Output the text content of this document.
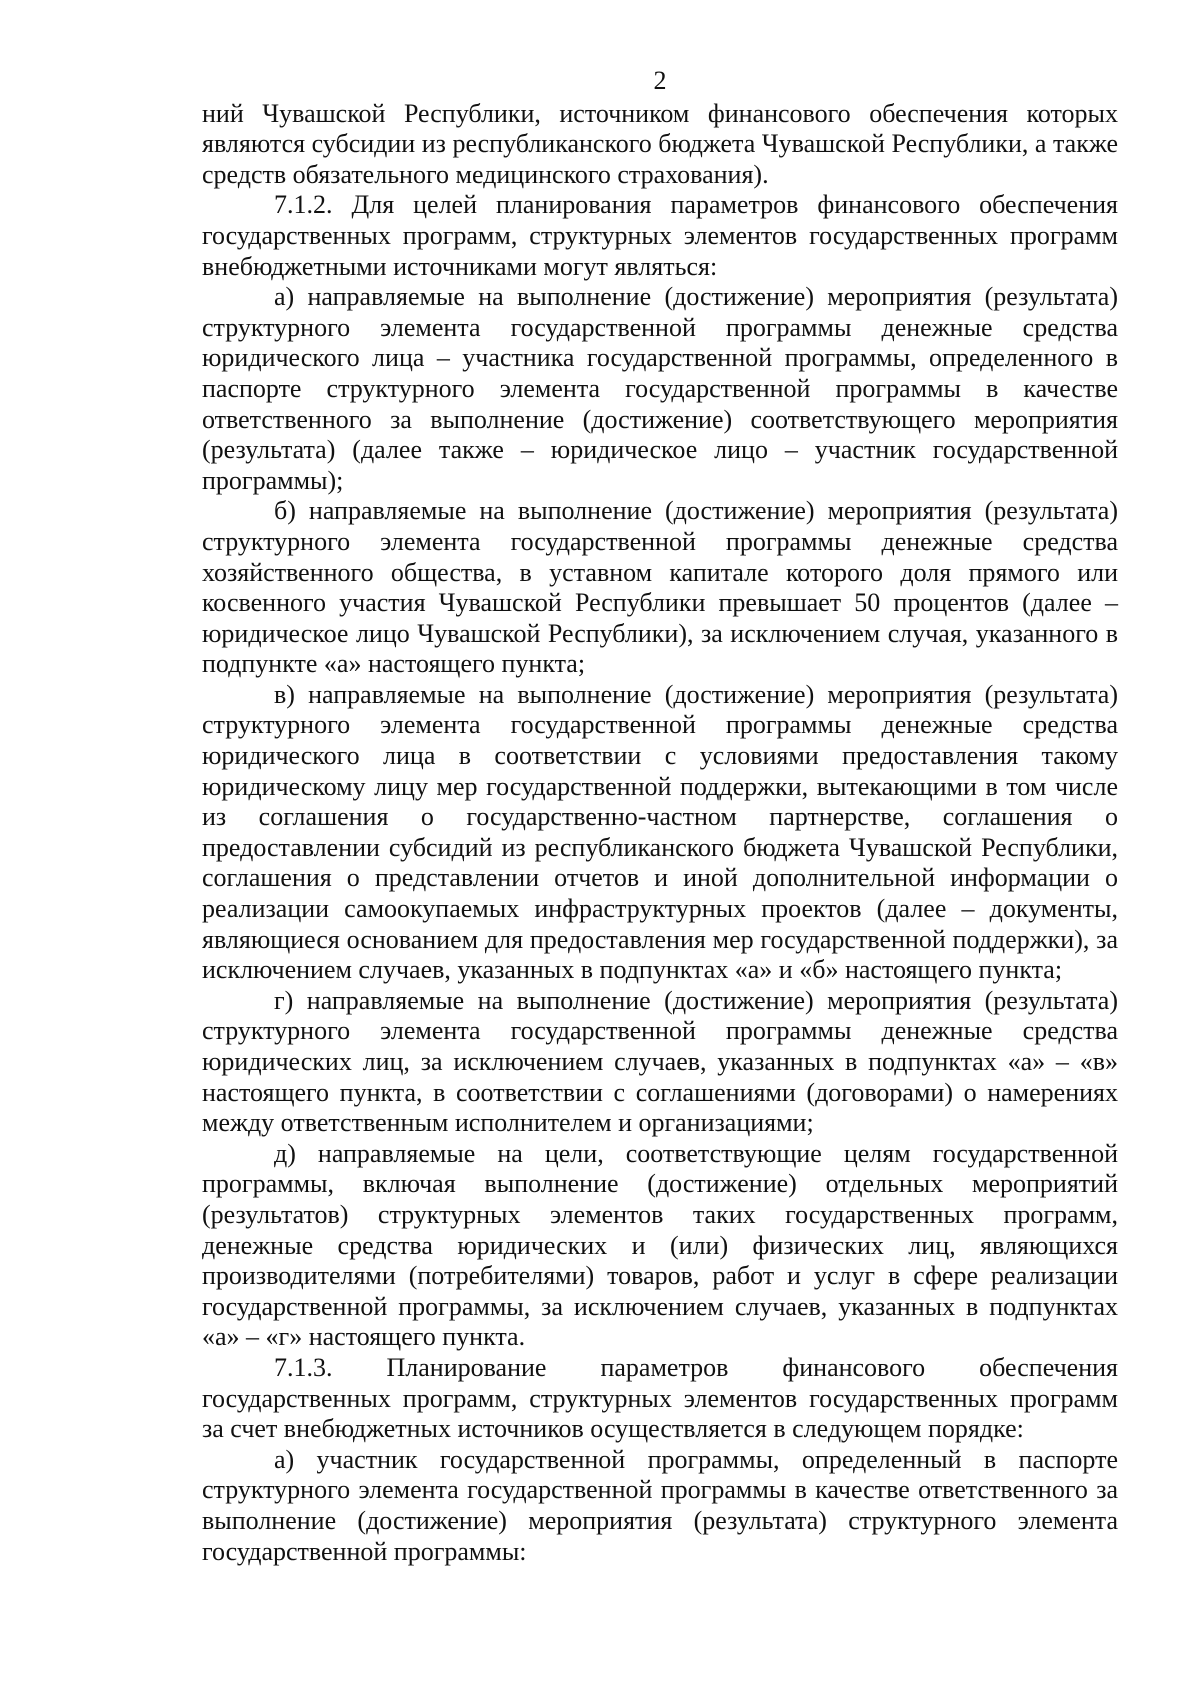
2

ний Чувашской Республики, источником финансового обеспечения которых являются субсидии из республиканского бюджета Чувашской Республики, а также средств обязательного медицинского страхования).

7.1.2. Для целей планирования параметров финансового обеспечения государственных программ, структурных элементов государственных программ внебюджетными источниками могут являться:

а) направляемые на выполнение (достижение) мероприятия (результата) структурного элемента государственной программы денежные средства юридического лица – участника государственной программы, определенного в паспорте структурного элемента государственной программы в качестве ответственного за выполнение (достижение) соответствующего мероприятия (результата) (далее также – юридическое лицо – участник государственной программы);

б) направляемые на выполнение (достижение) мероприятия (результата) структурного элемента государственной программы денежные средства хозяйственного общества, в уставном капитале которого доля прямого или косвенного участия Чувашской Республики превышает 50 процентов (далее – юридическое лицо Чувашской Республики), за исключением случая, указанного в подпункте «а» настоящего пункта;

в) направляемые на выполнение (достижение) мероприятия (результата) структурного элемента государственной программы денежные средства юридического лица в соответствии с условиями предоставления такому юридическому лицу мер государственной поддержки, вытекающими в том числе из соглашения о государственно-частном партнерстве, соглашения о предоставлении субсидий из республиканского бюджета Чувашской Республики, соглашения о представлении отчетов и иной дополнительной информации о реализации самоокупаемых инфраструктурных проектов (далее – документы, являющиеся основанием для предоставления мер государственной поддержки), за исключением случаев, указанных в подпунктах «а» и «б» настоящего пункта;

г) направляемые на выполнение (достижение) мероприятия (результата) структурного элемента государственной программы денежные средства юридических лиц, за исключением случаев, указанных в подпунктах «а» – «в» настоящего пункта, в соответствии с соглашениями (договорами) о намерениях между ответственным исполнителем и организациями;

д) направляемые на цели, соответствующие целям государственной программы, включая выполнение (достижение) отдельных мероприятий (результатов) структурных элементов таких государственных программ, денежные средства юридических и (или) физических лиц, являющихся производителями (потребителями) товаров, работ и услуг в сфере реализации государственной программы, за исключением случаев, указанных в подпунктах «а» – «г» настоящего пункта.

7.1.3. Планирование параметров финансового обеспечения государственных программ, структурных элементов государственных программ за счет внебюджетных источников осуществляется в следующем порядке:

а) участник государственной программы, определенный в паспорте структурного элемента государственной программы в качестве ответственного за выполнение (достижение) мероприятия (результата) структурного элемента государственной программы:
